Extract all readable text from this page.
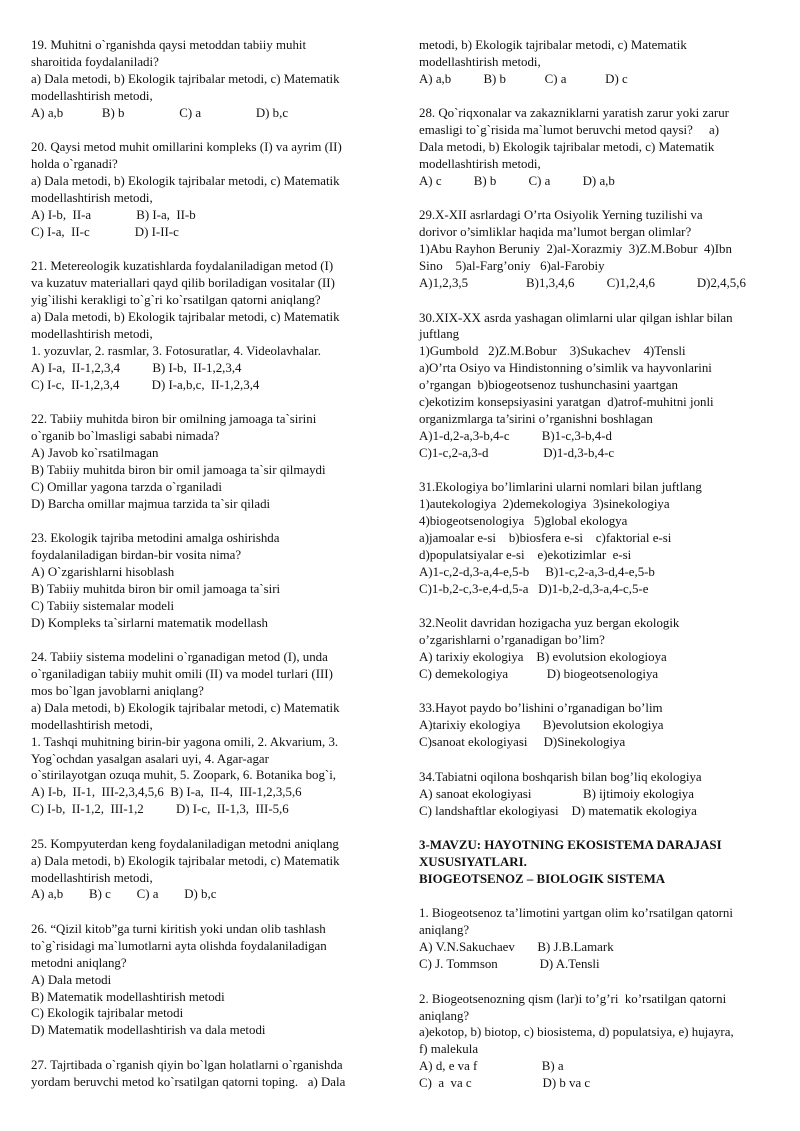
19. Muhitni o`rganishda qaysi metoddan tabiiy muhit
sharoitida foydalaniladi?
a) Dala metodi, b) Ekologik tajribalar metodi, c) Matematik
modellashtirish metodi,
A) a,b            B) b                 C) a                 D) b,c
20. Qaysi metod muhit omillarini kompleks (I) va ayrim (II)
holda o`rganadi?
a) Dala metodi, b) Ekologik tajribalar metodi, c) Matematik
modellashtirish metodi,
A) I-b,  II-a              B) I-a,  II-b
C) I-a,  II-c              D) I-II-c
21. Metereologik kuzatishlarda foydalaniladigan metod (I)
va kuzatuv materiallari qayd qilib boriladigan vositalar (II)
yig`ilishi kerakligi to`g`ri ko`rsatilgan qatorni aniqlang?
a) Dala metodi, b) Ekologik tajribalar metodi, c) Matematik
modellashtirish metodi,
1. yozuvlar, 2. rasmlar, 3. Fotosuratlar, 4. Videolavhalar.
A) I-a,  II-1,2,3,4          B) I-b,  II-1,2,3,4
C) I-c,  II-1,2,3,4          D) I-a,b,c,  II-1,2,3,4
22. Tabiiy muhitda biron bir omilning jamoaga ta`sirini
o`rganib bo`lmasligi sababi nimada?
A) Javob ko`rsatilmagan
B) Tabiiy muhitda biron bir omil jamoaga ta`sir qilmaydi
C) Omillar yagona tarzda o`rganiladi
D) Barcha omillar majmua tarzida ta`sir qiladi
23. Ekologik tajriba metodini amalga oshirishda
foydalaniladigan birdan-bir vosita nima?
A) O`zgarishlarni hisoblash
B) Tabiiy muhitda biron bir omil jamoaga ta`siri
C) Tabiiy sistemalar modeli
D) Kompleks ta`sirlarni matematik modellash
24. Tabiiy sistema modelini o`rganadigan metod (I), unda
o`rganiladigan tabiiy muhit omili (II) va model turlari (III)
mos bo`lgan javoblarni aniqlang?
a) Dala metodi, b) Ekologik tajribalar metodi, c) Matematik
modellashtirish metodi,
1. Tashqi muhitning birin-bir yagona omili, 2. Akvarium, 3.
Yog`ochdan yasalgan asalari uyi, 4. Agar-agar
o`stirilayotgan ozuqa muhit, 5. Zoopark, 6. Botanika bog`i,
A) I-b,  II-1,  III-2,3,4,5,6  B) I-a,  II-4,  III-1,2,3,5,6
C) I-b,  II-1,2,  III-1,2          D) I-c,  II-1,3,  III-5,6
25. Kompyuterdan keng foydalaniladigan metodni aniqlang
a) Dala metodi, b) Ekologik tajribalar metodi, c) Matematik
modellashtirish metodi,
A) a,b        B) c        C) a        D) b,c
26. “Qizil kitob”ga turni kiritish yoki undan olib tashlash
to`g`risidagi ma`lumotlarni ayta olishda foydalaniladigan
metodni aniqlang?
A) Dala metodi
B) Matematik modellashtirish metodi
C) Ekologik tajribalar metodi
D) Matematik modellashtirish va dala metodi
27. Tajrtibada o`rganish qiyin bo`lgan holatlarni o`rganishda
yordam beruvchi metod ko`rsatilgan qatorni toping.   a) Dala
metodi, b) Ekologik tajribalar metodi, c) Matematik
modellashtirish metodi,
A) a,b          B) b            C) a            D) c
28. Qo`riqxonalar va zakazniklarni yaratish zarur yoki zarur
emasligi to`g`risida ma`lumot beruvchi metod qaysi?     a)
Dala metodi, b) Ekologik tajribalar metodi, c) Matematik
modellashtirish metodi,
A) c          B) b          C) a          D) a,b
29.X-XII asrlardagi O’rta Osiyolik Yerning tuzilishi va
dorivor o’simliklar haqida ma’lumot bergan olimlar?
1)Abu Rayhon Beruniy  2)al-Xorazmiy  3)Z.M.Bobur  4)Ibn
Sino    5)al-Farg’oniy   6)al-Farobiy
A)1,2,3,5                  B)1,3,4,6          C)1,2,4,6             D)2,4,5,6
30.XIX-XX asrda yashagan olimlarni ular qilgan ishlar bilan
juftlang
1)Gumbold   2)Z.M.Bobur    3)Sukachev    4)Tensli
a)O’rta Osiyo va Hindistonning o’simlik va hayvonlarini
o’rgangan  b)biogeotsenoz tushunchasini yaartgan
c)ekotizim konsepsiyasini yaratgan  d)atrof-muhitni jonli
organizmlarga ta’sirini o’rganishni boshlagan
A)1-d,2-a,3-b,4-c          B)1-c,3-b,4-d
C)1-c,2-a,3-d                 D)1-d,3-b,4-c
31.Ekologiya bo’limlarini ularni nomlari bilan juftlang
1)autekologiya  2)demekologiya  3)sinekologiya
4)biogeotsenologiya   5)global ekologya
a)jamoalar e-si    b)biosfera e-si    c)faktorial e-si
d)populatsiyalar e-si    e)ekotizimlar  e-si
A)1-c,2-d,3-a,4-e,5-b     B)1-c,2-a,3-d,4-e,5-b
C)1-b,2-c,3-e,4-d,5-a   D)1-b,2-d,3-a,4-c,5-e
32.Neolit davridan hozigacha yuz bergan ekologik
o’zgarishlarni o’rganadigan bo’lim?
A) tarixiy ekologiya    B) evolutsion ekologioya
C) demekologiya            D) biogeotsenologiya
33.Hayot paydo bo’lishini o’rganadigan bo’lim
A)tarixiy ekologiya       B)evolutsion ekologiya
C)sanoat ekologiyasi     D)Sinekologiya
34.Tabiatni oqilona boshqarish bilan bog’liq ekologiya
A) sanoat ekologiyasi                B) ijtimoiy ekologiya
C) landshaftlar ekologiyasi    D) matematik ekologiya
3-MAVZU: HAYOTNING EKOSISTEMA DARAJASI
XUSUSIYATLARI.
BIOGEOTSENOZ – BIOLOGIK SISTEMA
1. Biogeotsenoz ta’limotini yartgan olim ko’rsatilgan qatorni
aniqlang?
A) V.N.Sakuchaev       B) J.B.Lamark
C) J. Tommson             D) A.Tensli
2. Biogeotsenozning qism (lar)i to’g’ri  ko’rsatilgan qatorni
aniqlang?
a)ekotop, b) biotop, c) biosistema, d) populatsiya, e) hujayra,
f) malekula
A) d, e va f                    B) a
C)  a  va c                      D) b va c
